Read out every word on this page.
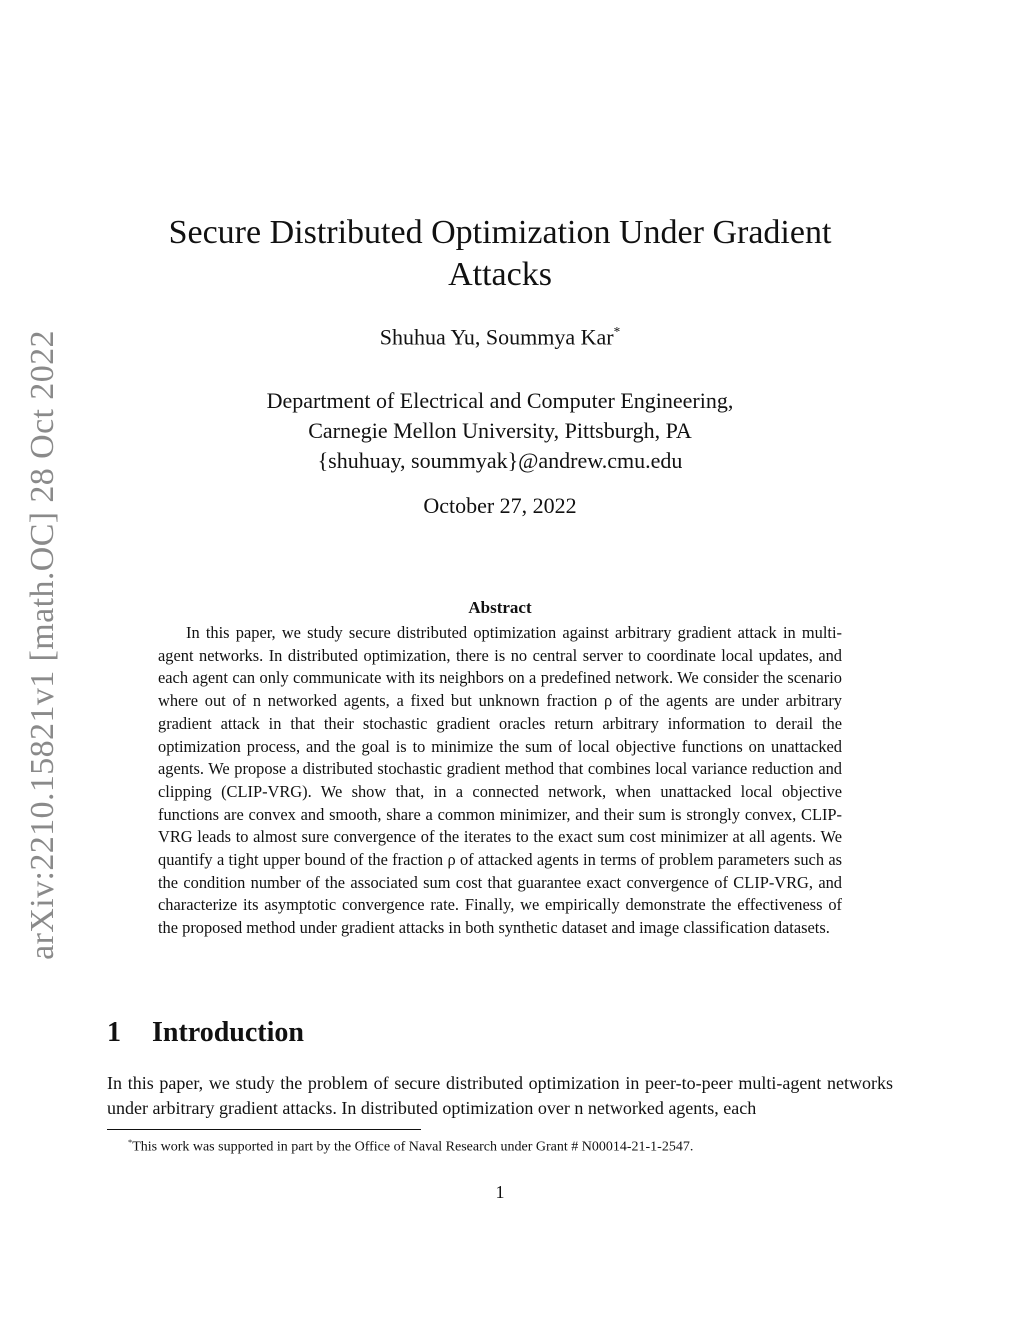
arXiv:2210.15821v1 [math.OC] 28 Oct 2022
Secure Distributed Optimization Under Gradient Attacks
Shuhua Yu, Soummya Kar*
Department of Electrical and Computer Engineering,
Carnegie Mellon University, Pittsburgh, PA
{shuhuay, soummyak}@andrew.cmu.edu
October 27, 2022
Abstract

In this paper, we study secure distributed optimization against arbitrary gradient attack in multi-agent networks. In distributed optimization, there is no central server to coordinate local updates, and each agent can only communicate with its neighbors on a predefined network. We consider the scenario where out of n networked agents, a fixed but unknown fraction ρ of the agents are under arbitrary gradient attack in that their stochastic gradient oracles return arbitrary information to derail the optimization process, and the goal is to minimize the sum of local objective functions on unattacked agents. We propose a distributed stochastic gradient method that combines local variance reduction and clipping (CLIP-VRG). We show that, in a connected network, when unattacked local objective functions are convex and smooth, share a common minimizer, and their sum is strongly convex, CLIP-VRG leads to almost sure convergence of the iterates to the exact sum cost minimizer at all agents. We quantify a tight upper bound of the fraction ρ of attacked agents in terms of problem parameters such as the condition number of the associated sum cost that guarantee exact convergence of CLIP-VRG, and characterize its asymptotic convergence rate. Finally, we empirically demonstrate the effectiveness of the proposed method under gradient attacks in both synthetic dataset and image classification datasets.

1 Introduction

In this paper, we study the problem of secure distributed optimization in peer-to-peer multi-agent networks under arbitrary gradient attacks. In distributed optimization over n networked agents, each

*This work was supported in part by the Office of Naval Research under Grant # N00014-21-1-2547.

1
